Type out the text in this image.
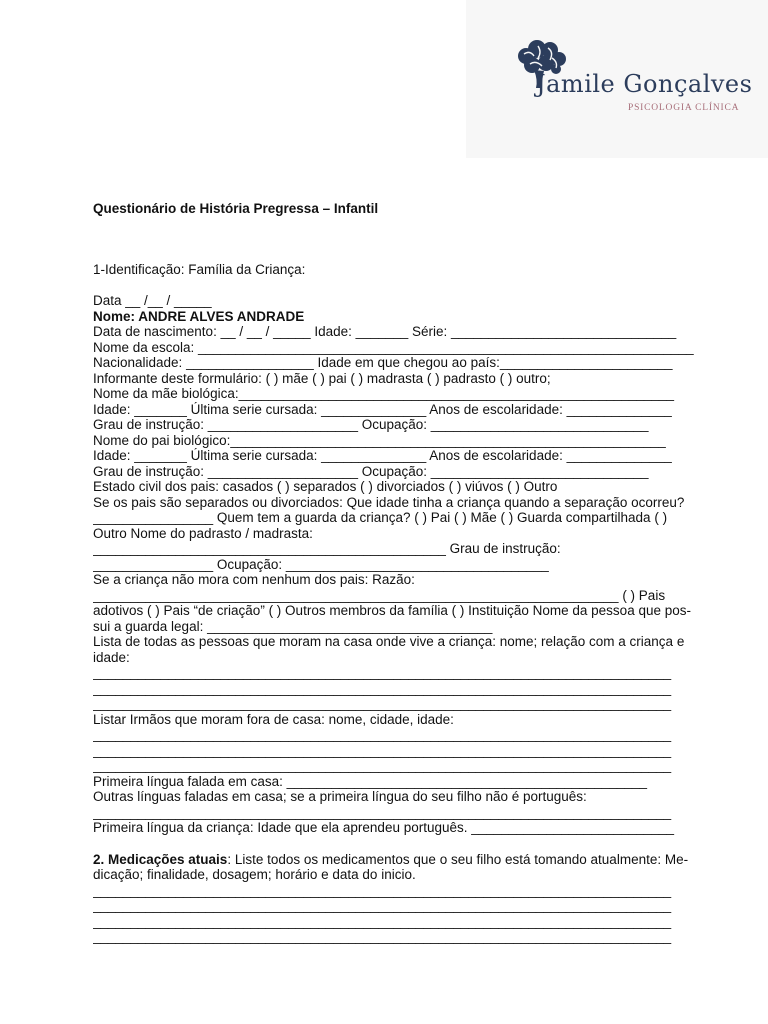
Jamile Gonçalves
PSICOLOGIA CLÍNICA
Questionário de História Pregressa – Infantil
1-Identificação: Família da Criança:
Data __ /__ / _____
Nome: ANDRE ALVES ANDRADE
Data de nascimento: __ / __ / _____ Idade: _______ Série: ______________________________
Nome da escola: __________________________________________________________________
Nacionalidade: _________________ Idade em que chegou ao país:_______________________
Informante deste formulário: ( ) mãe ( ) pai ( ) madrasta ( ) padrasto ( ) outro;
Nome da mãe biológica:__________________________________________________________
Idade: _______ Última serie cursada: ______________ Anos de escolaridade: ______________
Grau de instrução: ____________________ Ocupação: _____________________________
Nome do pai biológico:__________________________________________________________
Idade: _______ Última serie cursada: ______________ Anos de escolaridade: ______________
Grau de instrução: ____________________ Ocupação: _____________________________
Estado civil dos pais: casados ( ) separados ( ) divorciados ( ) viúvos ( ) Outro
Se os pais são separados ou divorciados: Que idade tinha a criança quando a separação ocorreu?
________________ Quem tem a guarda da criança? ( ) Pai ( ) Mãe ( ) Guarda compartilhada ( )
Outro Nome do padrasto / madrasta:
_______________________________________________ Grau de instrução:
________________ Ocupação: ___________________________________
Se a criança não mora com nenhum dos pais: Razão:
______________________________________________________________________ ( ) Pais
adotivos ( ) Pais “de criação” ( ) Outros membros da família ( ) Instituição Nome da pessoa que pos-
sui a guarda legal: ______________________________________
Lista de todas as pessoas que moram na casa onde vive a criança: nome; relação com a criança e
idade:
_____________________________________________________________________________
_____________________________________________________________________________
_____________________________________________________________________________
Listar Irmãos que moram fora de casa: nome, cidade, idade:
_____________________________________________________________________________
_____________________________________________________________________________
_____________________________________________________________________________
Primeira língua falada em casa: ________________________________________________
Outras línguas faladas em casa; se a primeira língua do seu filho não é português:
_____________________________________________________________________________
Primeira língua da criança: Idade que ela aprendeu português. ___________________________
2. Medicações atuais: Liste todos os medicamentos que o seu filho está tomando atualmente: Me-
dicação; finalidade, dosagem; horário e data do inicio.
_____________________________________________________________________________
_____________________________________________________________________________
_____________________________________________________________________________
_____________________________________________________________________________
